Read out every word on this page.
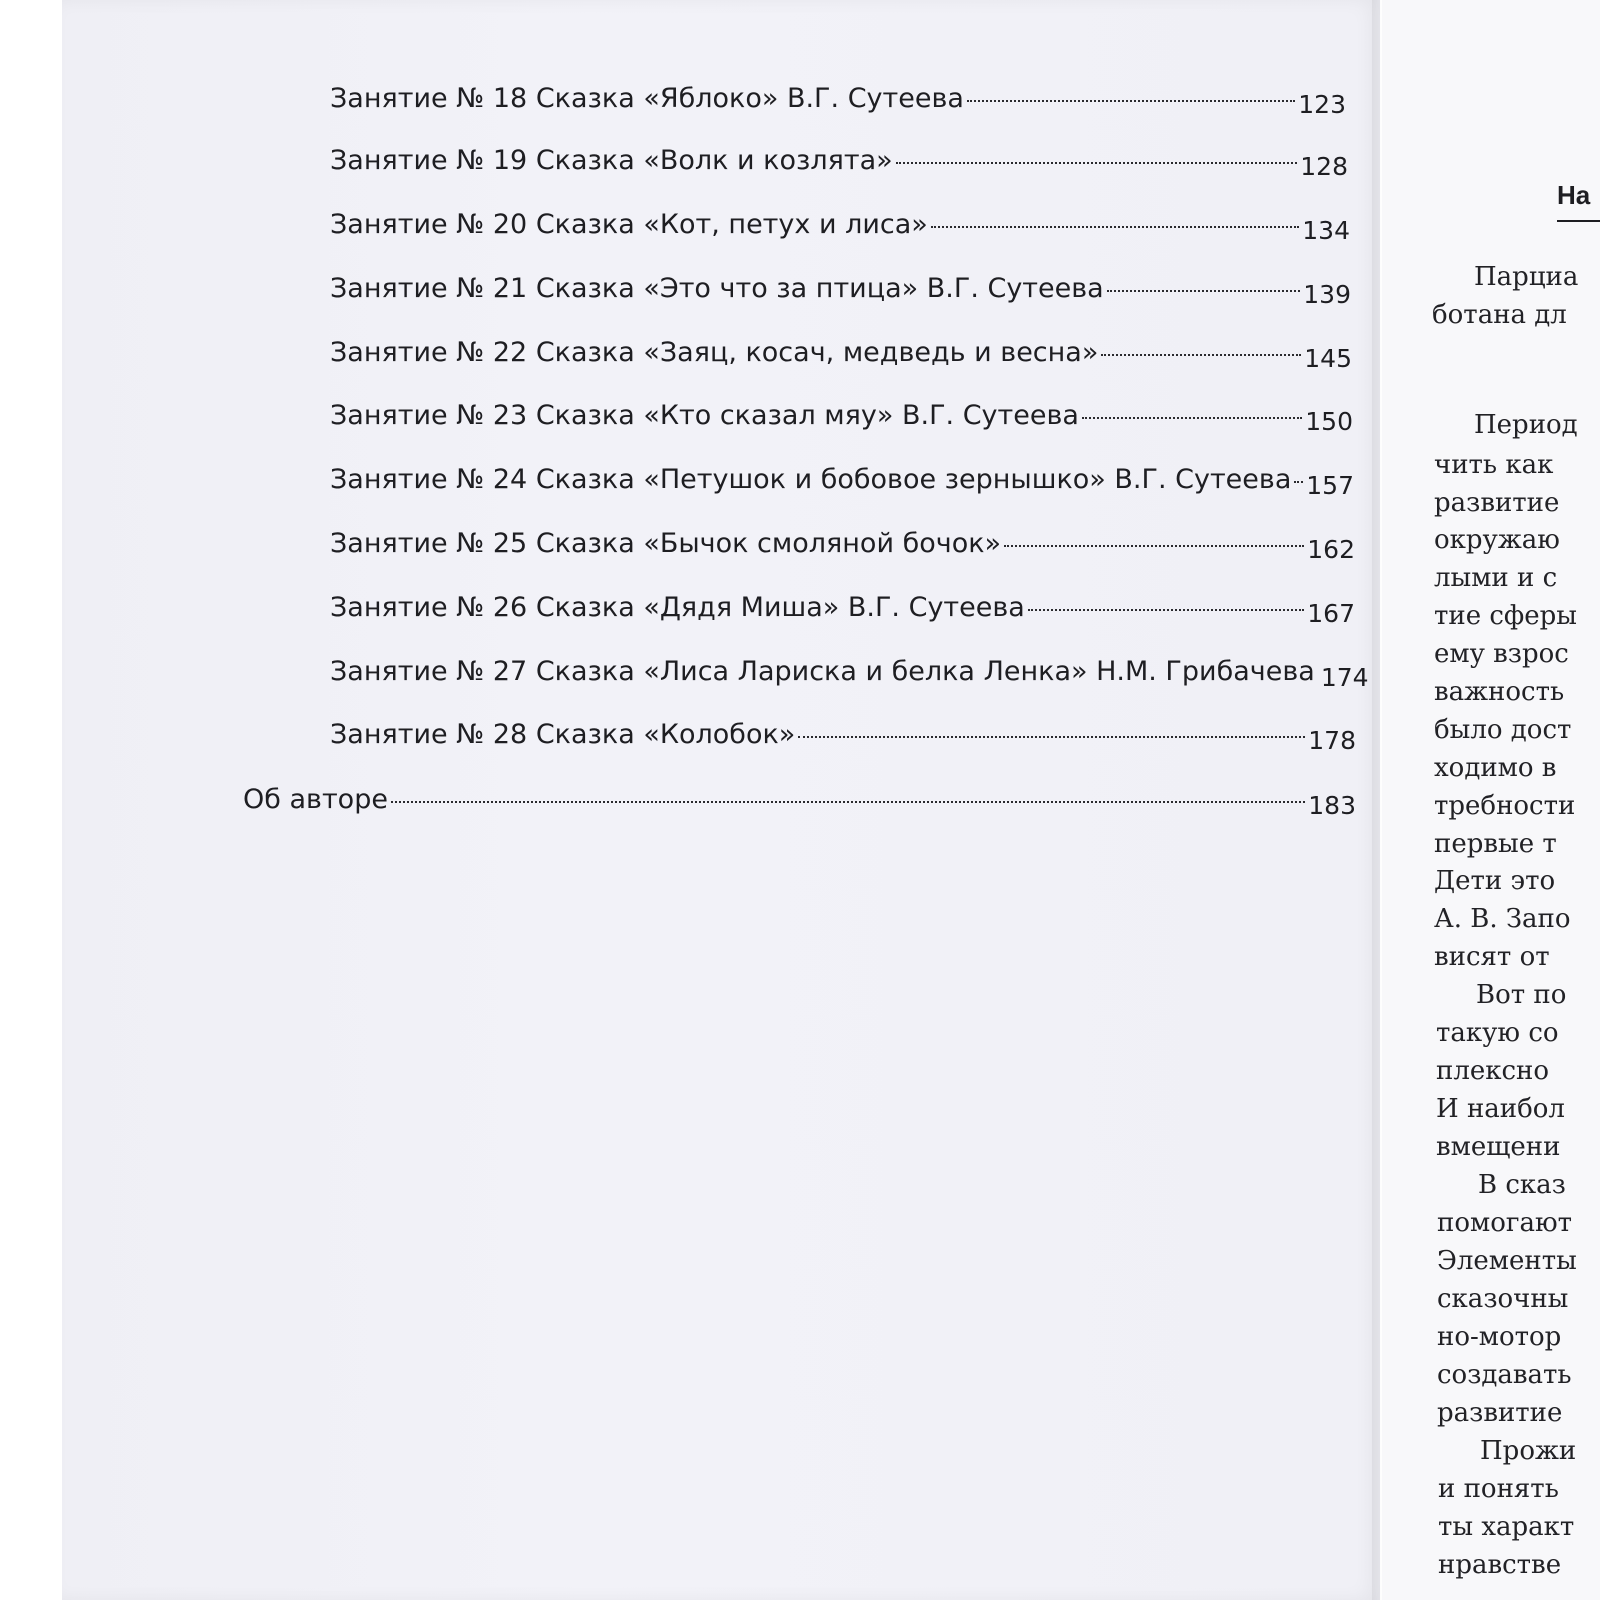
Занятие № 18 Сказка «Яблоко» В.Г. Сутеева	123
Занятие № 19 Сказка «Волк и козлята»	128
Занятие № 20 Сказка «Кот, петух и лиса»	134
Занятие № 21 Сказка «Это что за птица» В.Г. Сутеева	139
Занятие № 22 Сказка «Заяц, косач, медведь и весна»	145
Занятие № 23 Сказка «Кто сказал мяу» В.Г. Сутеева	150
Занятие № 24 Сказка «Петушок и бобовое зернышко» В.Г. Сутеева 157
Занятие № 25 Сказка «Бычок смоляной бочок»	162
Занятие № 26 Сказка «Дядя Миша» В.Г. Сутеева	167
Занятие № 27 Сказка «Лиса Лариска и белка Ленка» Н.М. Грибачева 174
Занятие № 28 Сказка «Колобок»	178
Об авторе	183
На
Парциа
ботана дл
Период
чить как
развитие
окружаю
лыми и с
тие сферы
ему взрос
важность
было дост
ходимо в
требности
первые т
Дети это
А. В. Запо
висят от
Вот по
такую со
плексно
И наибол
вмещени
В сказ
помогают
Элементы
сказочны
но-мотор
создавать
развитие
Прожи
и понять
ты характ
нравстве
